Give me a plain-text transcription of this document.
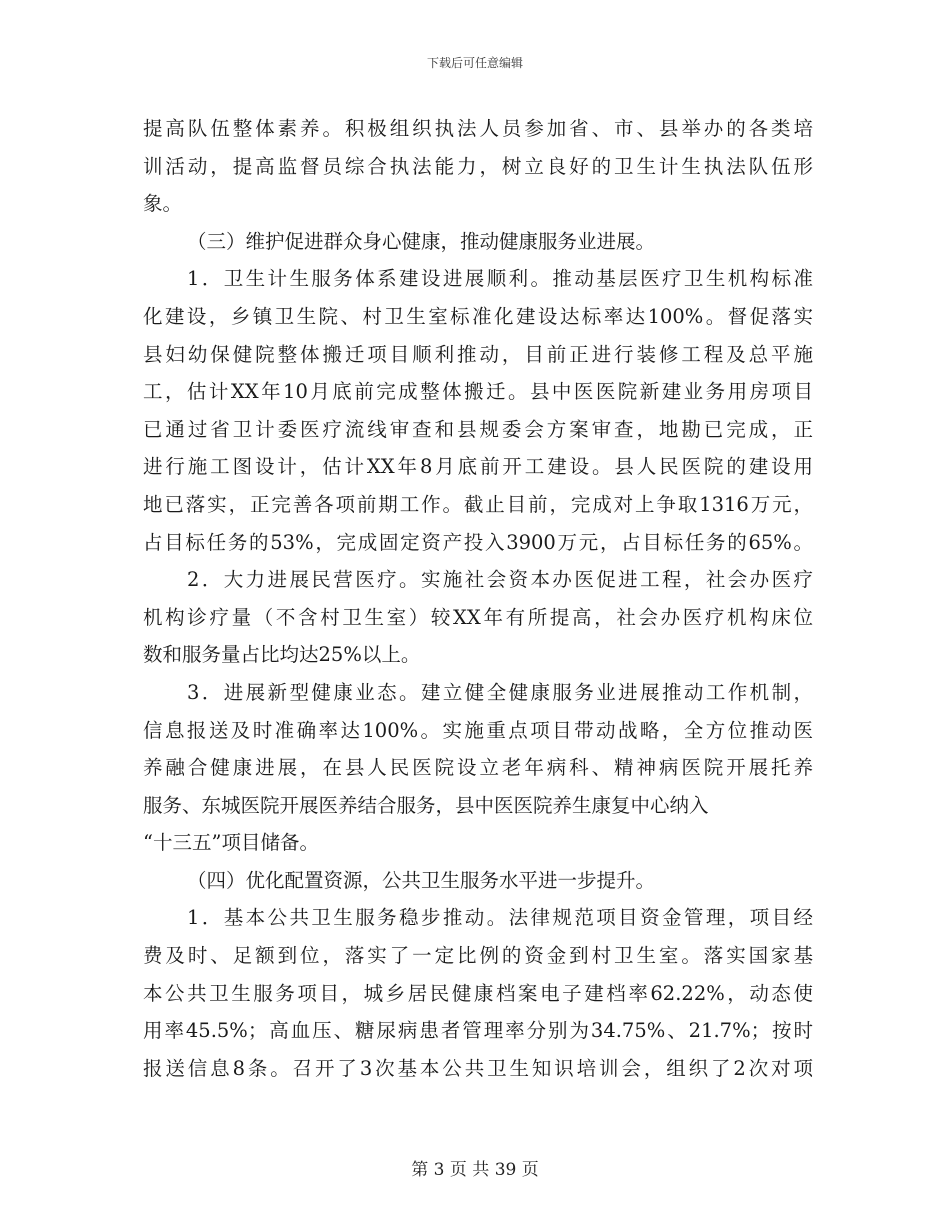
下载后可任意编辑
提高队伍整体素养。积极组织执法人员参加省、市、县举办的各类培
训活动，提高监督员综合执法能力，树立良好的卫生计生执法队伍形
象。
（三）维护促进群众身心健康，推动健康服务业进展。
1．卫生计生服务体系建设进展顺利。推动基层医疗卫生机构标准
化建设，乡镇卫生院、村卫生室标准化建设达标率达100%。督促落实
县妇幼保健院整体搬迁项目顺利推动，目前正进行装修工程及总平施
工，估计XX年10月底前完成整体搬迁。县中医医院新建业务用房项目
已通过省卫计委医疗流线审查和县规委会方案审查，地勘已完成，正
进行施工图设计，估计XX年8月底前开工建设。县人民医院的建设用
地已落实，正完善各项前期工作。截止目前，完成对上争取1316万元，
占目标任务的53%，完成固定资产投入3900万元，占目标任务的65%。
2．大力进展民营医疗。实施社会资本办医促进工程，社会办医疗
机构诊疗量（不含村卫生室）较XX年有所提高，社会办医疗机构床位
数和服务量占比均达25%以上。
3．进展新型健康业态。建立健全健康服务业进展推动工作机制，
信息报送及时准确率达100%。实施重点项目带动战略，全方位推动医
养融合健康进展，在县人民医院设立老年病科、精神病医院开展托养
服务、东城医院开展医养结合服务，县中医医院养生康复中心纳入
“十三五”项目储备。
（四）优化配置资源，公共卫生服务水平进一步提升。
1．基本公共卫生服务稳步推动。法律规范项目资金管理，项目经
费及时、足额到位，落实了一定比例的资金到村卫生室。落实国家基
本公共卫生服务项目，城乡居民健康档案电子建档率62.22%，动态使
用率45.5%；高血压、糖尿病患者管理率分别为34.75%、21.7%；按时
报送信息8条。召开了3次基本公共卫生知识培训会，组织了2次对项
第 3 页 共 39 页
